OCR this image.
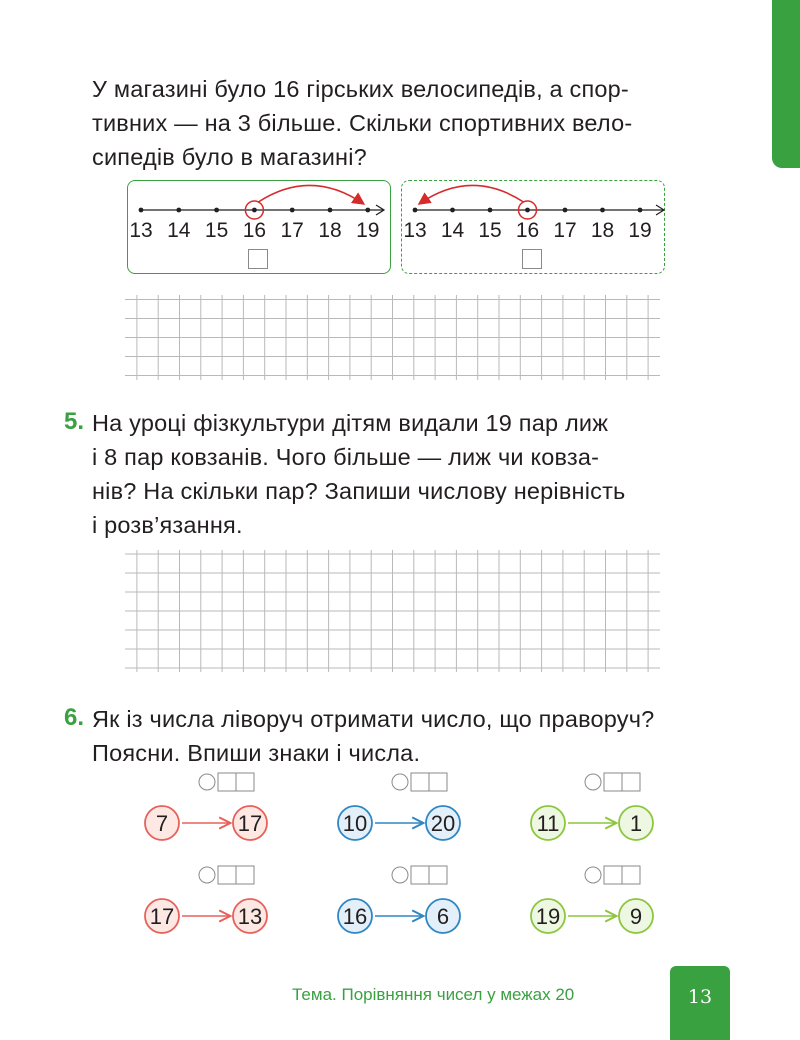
У магазині було 16 гірських велосипедів, а спор-
тивних — на 3 більше. Скільки спортивних вело-
сипедів було в магазині?
13 14 15 16 17 18 19	13 14 15 16 17 18 19
5. На уроці фізкультури дітям видали 19 пар лиж
і 8 пар ковзанів. Чого більше — лиж чи ковза-
нів? На скільки пар? Запиши числову нерівність
і розв’язання.
6. Як із числа ліворуч отримати число, що праворуч?
Поясни. Впиши знаки і числа.
7	17	10	20	11	1
17	13	16	6	19	9
Тема. Порівняння чисел у межах 20	13
